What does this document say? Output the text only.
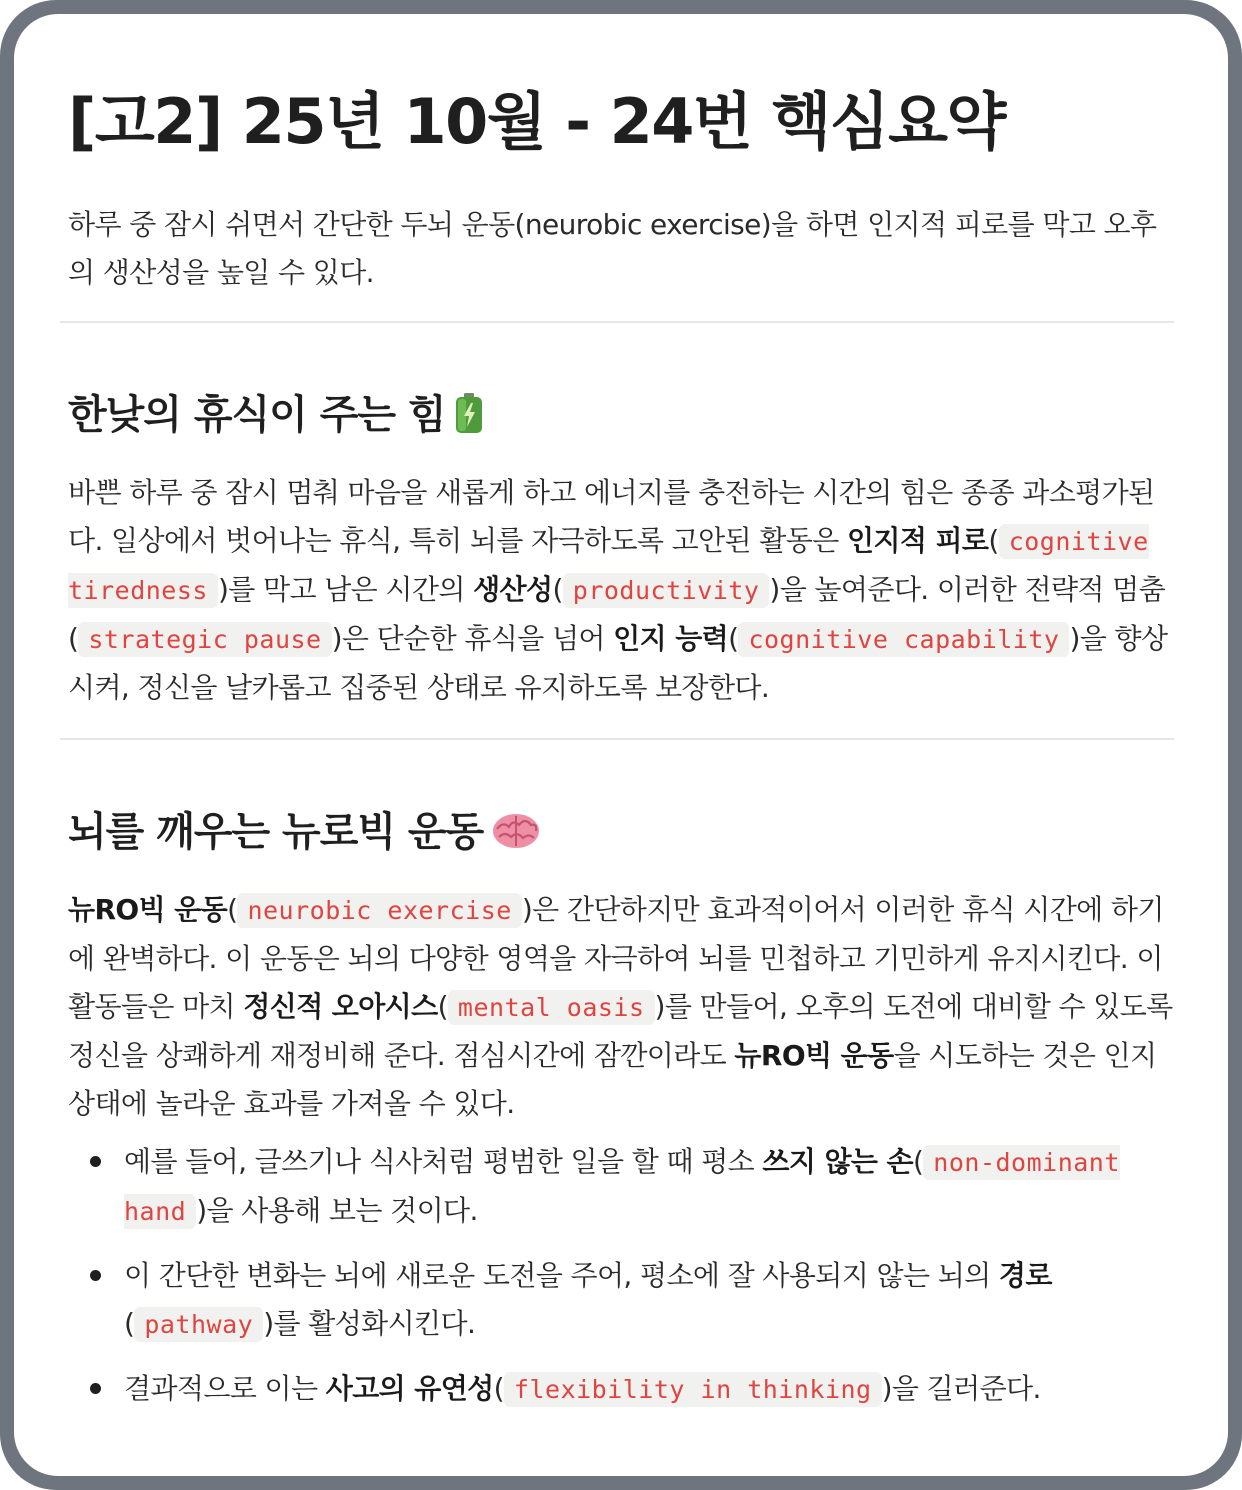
[고2] 25년 10월 - 24번 핵심요약

하루 중 잠시 쉬면서 간단한 두뇌 운동(neurobic exercise)을 하면 인지적 피로를 막고 오후의 생산성을 높일 수 있다.

한낮의 휴식이 주는 힘

바쁜 하루 중 잠시 멈춰 마음을 새롭게 하고 에너지를 충전하는 시간의 힘은 종종 과소평가된다. 일상에서 벗어나는 휴식, 특히 뇌를 자극하도록 고안된 활동은 인지적 피로( cognitive tiredness )를 막고 남은 시간의 생산성( productivity )을 높여준다. 이러한 전략적 멈춤( strategic pause )은 단순한 휴식을 넘어 인지 능력( cognitive capability )을 향상시켜, 정신을 날카롭고 집중된 상태로 유지하도록 보장한다.

뇌를 깨우는 뉴로빅 운동

뉴RO빅 운동( neurobic exercise )은 간단하지만 효과적이어서 이러한 휴식 시간에 하기에 완벽하다. 이 운동은 뇌의 다양한 영역을 자극하여 뇌를 민첩하고 기민하게 유지시킨다. 이 활동들은 마치 정신적 오아시스( mental oasis )를 만들어, 오후의 도전에 대비할 수 있도록 정신을 상쾌하게 재정비해 준다. 점심시간에 잠깐이라도 뉴RO빅 운동을 시도하는 것은 인지 상태에 놀라운 효과를 가져올 수 있다.

예를 들어, 글쓰기나 식사처럼 평범한 일을 할 때 평소 쓰지 않는 손( non-dominant hand )을 사용해 보는 것이다.
이 간단한 변화는 뇌에 새로운 도전을 주어, 평소에 잘 사용되지 않는 뇌의 경로( pathway )를 활성화시킨다.
결과적으로 이는 사고의 유연성( flexibility in thinking )을 길러준다.
